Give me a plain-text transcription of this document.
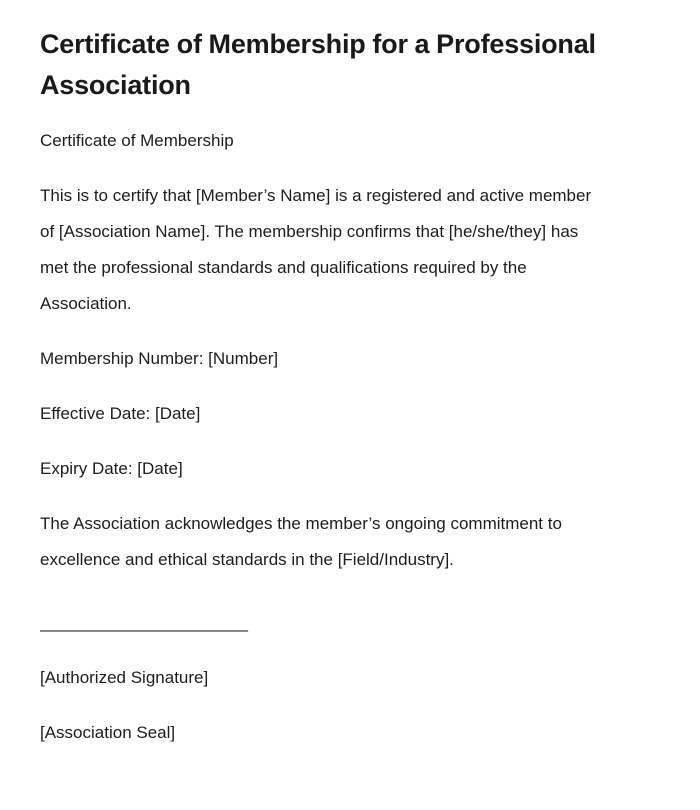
Certificate of Membership for a Professional Association

Certificate of Membership

This is to certify that [Member’s Name] is a registered and active member of [Association Name]. The membership confirms that [he/she/they] has met the professional standards and qualifications required by the Association.

Membership Number: [Number]

Effective Date: [Date]

Expiry Date: [Date]

The Association acknowledges the member’s ongoing commitment to excellence and ethical standards in the [Field/Industry].

______________________

[Authorized Signature]

[Association Seal]
